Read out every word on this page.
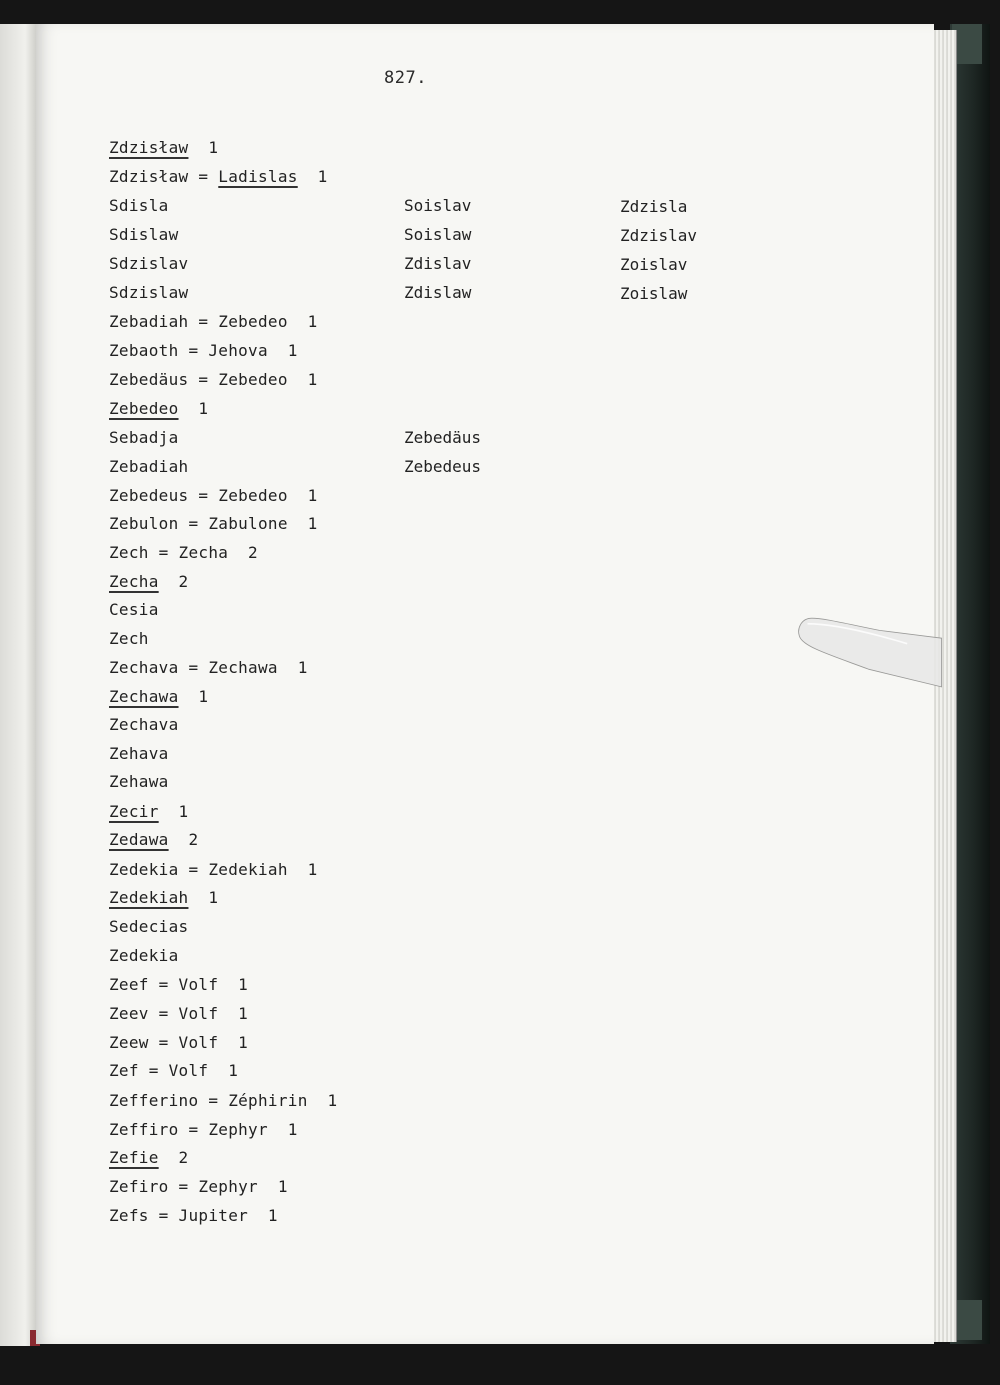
827.
Zdzisław  1
Zdzisław = Ladislas  1
Sdisla
Sdislaw
Sdzislav
Sdzislaw
Zebadiah = Zebedeo  1
Zebaoth = Jehova  1
Zebedäus = Zebedeo  1
Zebedeo  1
Sebadja
Zebadiah
Zebedeus = Zebedeo  1
Zebulon = Zabulone  1
Zech = Zecha  2
Zecha  2
Cesia
Zech
Zechava = Zechawa  1
Zechawa  1
Zechava
Zehava
Zehawa
Zecir  1
Zedawa  2
Zedekia = Zedekiah  1
Zedekiah  1
Sedecias
Zedekia
Zeef = Volf  1
Zeev = Volf  1
Zeew = Volf  1
Zef = Volf  1
Zefferino = Zéphirin  1
Zeffiro = Zephyr  1
Zefie  2
Zefiro = Zephyr  1
Zefs = Jupiter  1
Soislav
Soislaw
Zdislav
Zdislaw
Zebedäus
Zebedeus
Zdzisla
Zdzislav
Zoislav
Zoislaw
